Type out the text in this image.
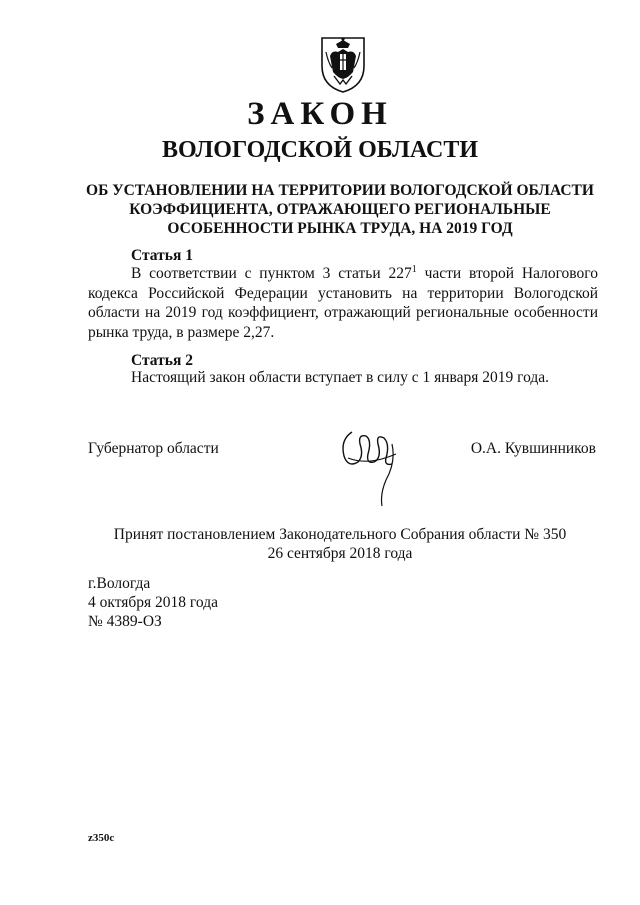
ЗАКОН
ВОЛОГОДСКОЙ ОБЛАСТИ
ОБ УСТАНОВЛЕНИИ НА ТЕРРИТОРИИ ВОЛОГОДСКОЙ ОБЛАСТИ
КОЭФФИЦИЕНТА, ОТРАЖАЮЩЕГО РЕГИОНАЛЬНЫЕ
ОСОБЕННОСТИ РЫНКА ТРУДА, НА 2019 ГОД
Статья 1
В соответствии с пунктом 3 статьи $227^1$ части второй Налогового кодекса Российской Федерации установить на территории Вологодской области на 2019 год коэффициент, отражающий региональные особенности рынка труда, в размере 2,27.
Статья 2
Настоящий закон области вступает в силу с 1 января 2019 года.
Губернатор области	О.А. Кувшинников
Принят постановлением Законодательного Собрания области № 350
26 сентября 2018 года
г.Вологда
4 октября 2018 года
№ 4389-ОЗ
z350c
